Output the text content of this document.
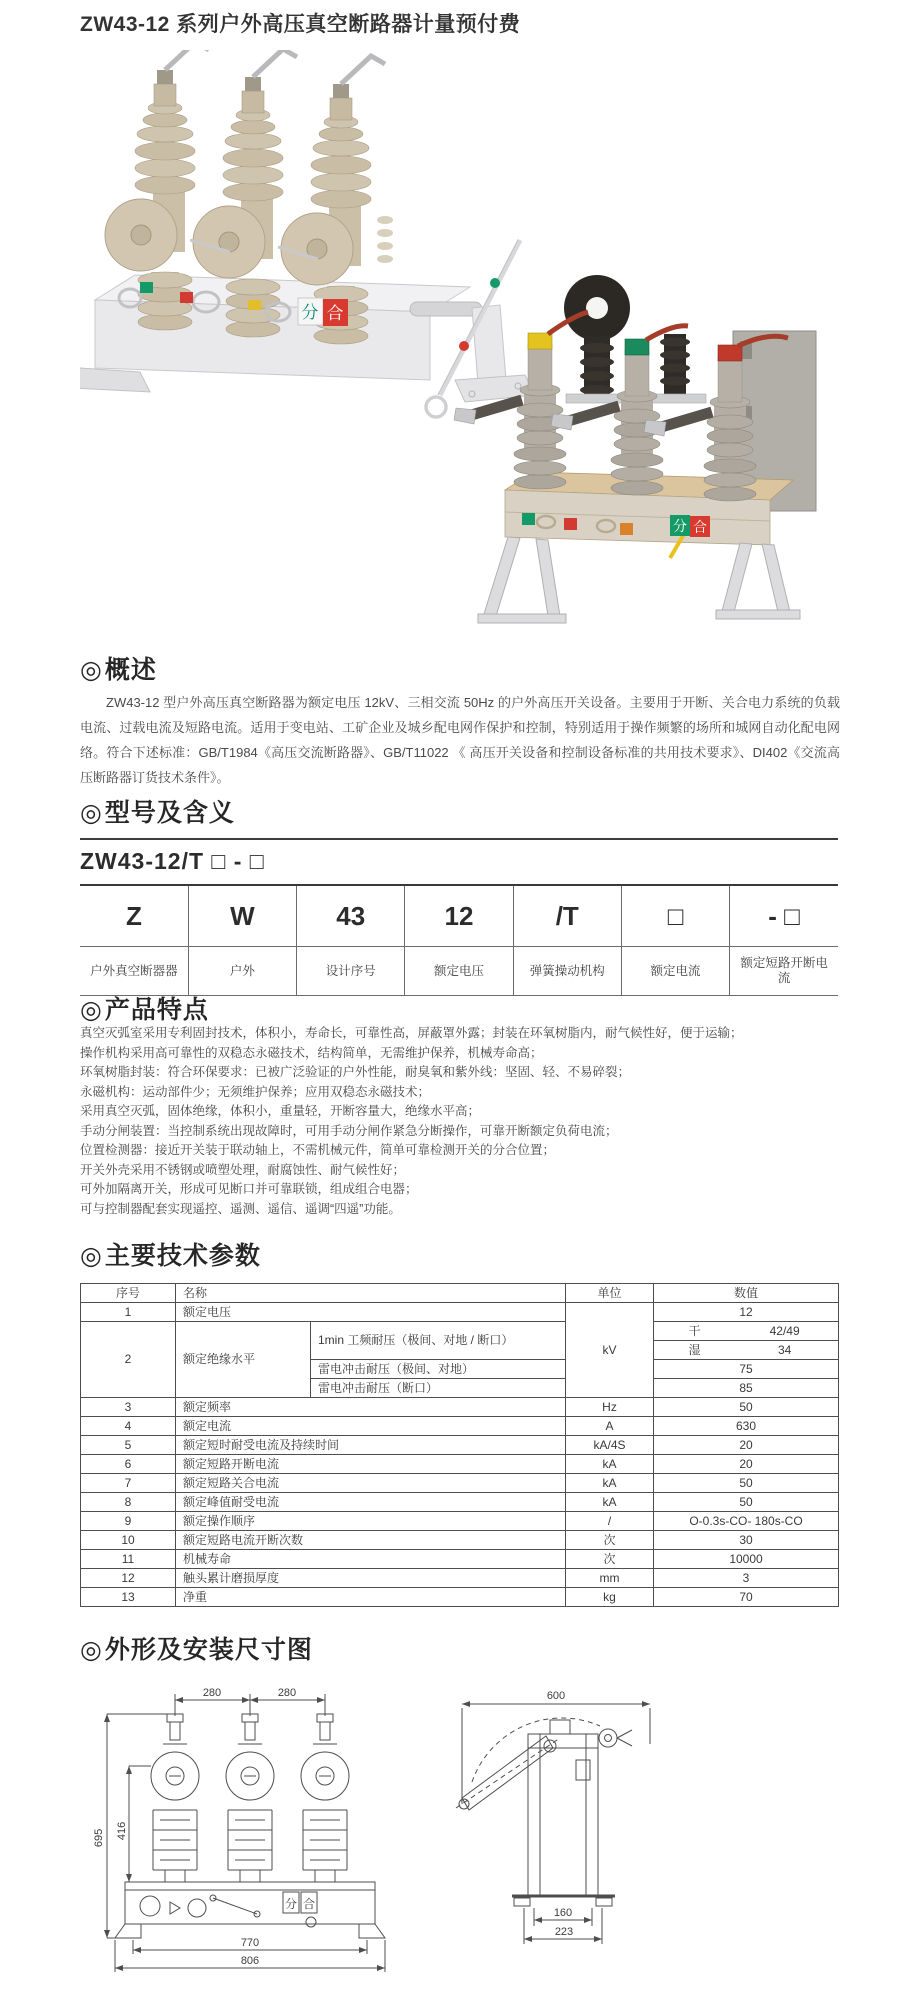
ZW43-12 系列户外高压真空断路器计量预付费
分 合
分 合
◎概述
ZW43-12 型户外高压真空断路器为额定电压 12kV、三相交流 50Hz 的户外高压开关设备。主要用于开断、关合电力系统的负载电流、过载电流及短路电流。适用于变电站、工矿企业及城乡配电网作保护和控制，特别适用于操作频繁的场所和城网自动化配电网络。符合下述标准：GB/T1984《高压交流断路器》、GB/T11022 《 高压开关设备和控制设备标准的共用技术要求》、DI402《交流高压断路器订货技术条件》。
◎型号及含义
ZW43-12/T □ - □
Z	W	43	12	/T	□	- □
户外真空断器器	户外	设计序号	额定电压	弹簧操动机构	额定电流	额定短路开断电流
◎产品特点
真空灭弧室采用专利固封技术，体积小，寿命长，可靠性高，屏蔽罩外露；封装在环氧树脂内，耐气候性好，便于运输；
操作机构采用高可靠性的双稳态永磁技术，结构简单，无需维护保养，机械寿命高；
环氧树脂封装：符合环保要求：已被广泛验证的户外性能，耐臭氧和紫外线：坚固、轻、不易碎裂；
永磁机构：运动部件少；无须维护保养；应用双稳态永磁技术；
采用真空灭弧，固体绝缘，体积小，重量轻，开断容量大，绝缘水平高；
手动分闸装置：当控制系统出现故障时，可用手动分闸作紧急分断操作，可靠开断额定负荷电流；
位置检测器：接近开关装于联动轴上，不需机械元件，简单可靠检测开关的分合位置；
开关外壳采用不锈钢或喷塑处理，耐腐蚀性、耐气候性好；
可外加隔离开关，形成可见断口并可靠联锁，组成组合电器；
可与控制器配套实现遥控、遥测、遥信、遥调“四遥”功能。
◎主要技术参数
序号	名称		单位	数值
1	额定电压		kV	12
2	额定绝缘水平	1min 工频耐压（极间、对地 / 断口）		干 42/49
				湿 34
		雷电冲击耐压（极间、对地）		75
		雷电冲击耐压（断口）		85
3	额定频率		Hz	50
4	额定电流		A	630
5	额定短时耐受电流及持续时间		kA/4S	20
6	额定短路开断电流		kA	20
7	额定短路关合电流		kA	50
8	额定峰值耐受电流		kA	50
9	额定操作顺序		/	O-0.3s-CO- 180s-CO
10	额定短路电流开断次数		次	30
11	机械寿命		次	10000
12	触头累计磨损厚度		mm	3
13	净重		kg	70
◎外形及安装尺寸图
分 合
280	280
695 416
770
806
600
160
223
